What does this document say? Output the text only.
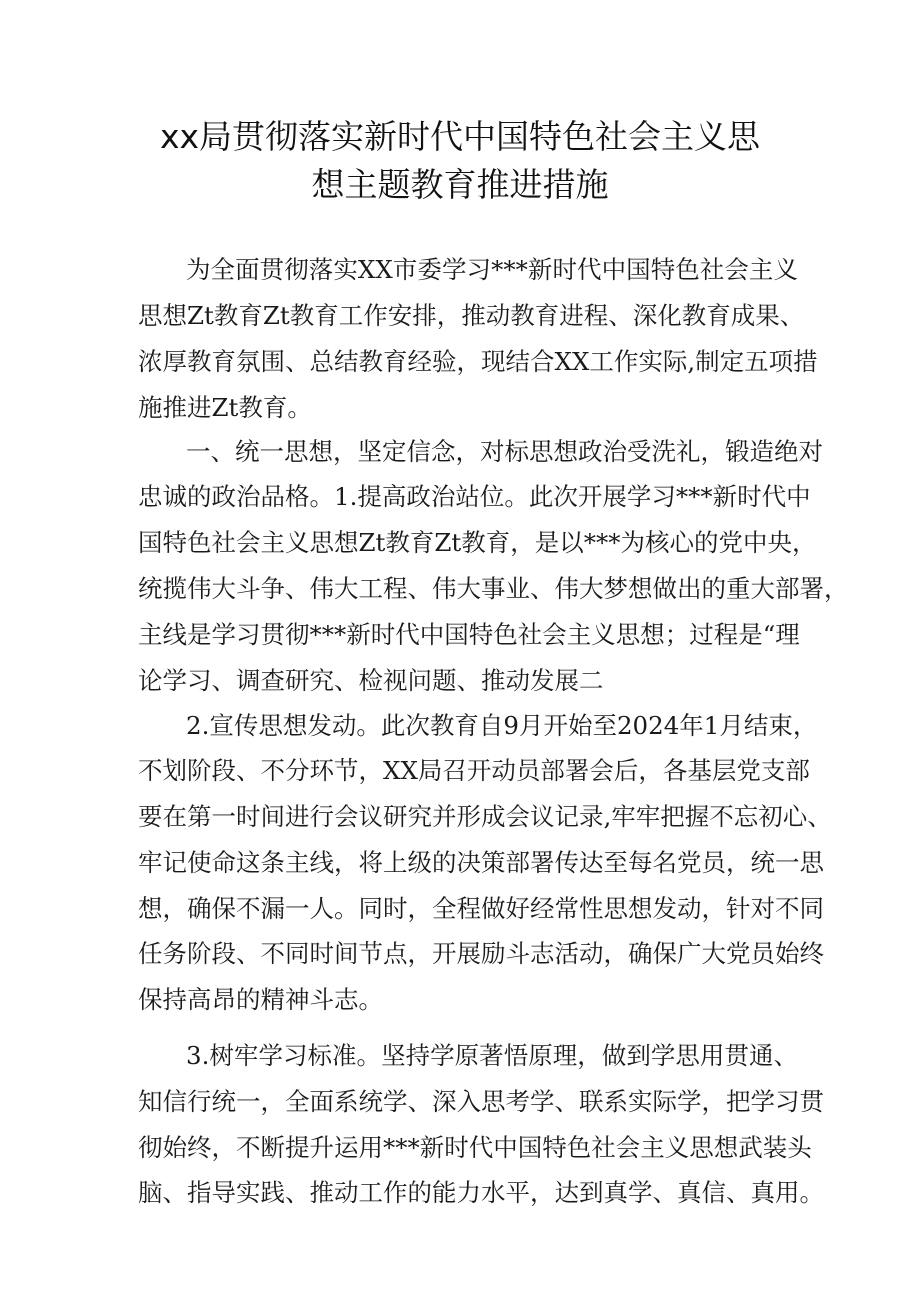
xx局贯彻落实新时代中国特色社会主义思
想主题教育推进措施

为全面贯彻落实XX市委学习***新时代中国特色社会主义

思想Zt教育Zt教育工作安排，推动教育进程、深化教育成果、

浓厚教育氛围、总结教育经验，现结合XX工作实际,制定五项措

施推进Zt教育。

一、统一思想，坚定信念，对标思想政治受洗礼，锻造绝对

忠诚的政治品格。1.提高政治站位。此次开展学习***新时代中

国特色社会主义思想Zt教育Zt教育，是以***为核心的党中央，

统揽伟大斗争、伟大工程、伟大事业、伟大梦想做出的重大部署，

主线是学习贯彻***新时代中国特色社会主义思想；过程是“理

论学习、调查研究、检视问题、推动发展二

2.宣传思想发动。此次教育自9月开始至2024年1月结束，

不划阶段、不分环节，XX局召开动员部署会后，各基层党支部

要在第一时间进行会议研究并形成会议记录,牢牢把握不忘初心、

牢记使命这条主线，将上级的决策部署传达至每名党员，统一思

想，确保不漏一人。同时，全程做好经常性思想发动，针对不同

任务阶段、不同时间节点，开展励斗志活动，确保广大党员始终

保持高昂的精神斗志。

3.树牢学习标准。坚持学原著悟原理，做到学思用贯通、

知信行统一，全面系统学、深入思考学、联系实际学，把学习贯

彻始终，不断提升运用***新时代中国特色社会主义思想武装头

脑、指导实践、推动工作的能力水平，达到真学、真信、真用。
